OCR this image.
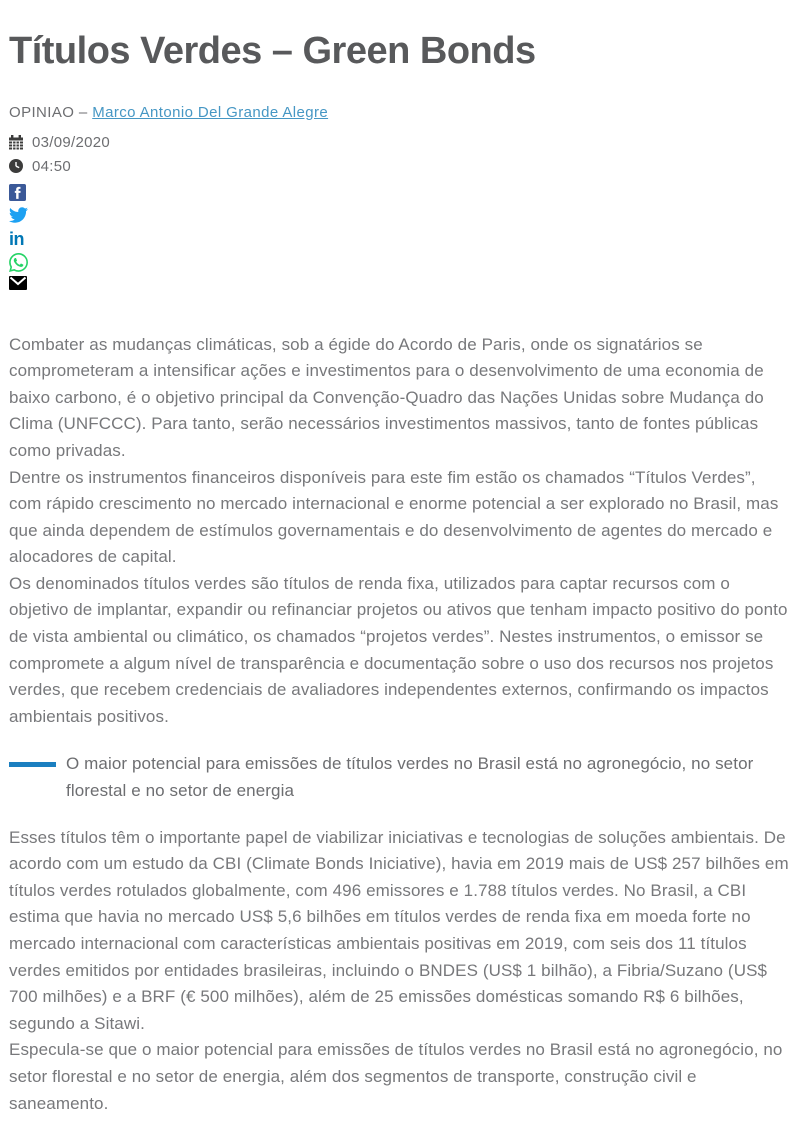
Títulos Verdes – Green Bonds
OPINIAO – Marco Antonio Del Grande Alegre
03/09/2020
04:50
in

Combater as mudanças climáticas, sob a égide do Acordo de Paris, onde os signatários se comprometeram a intensificar ações e investimentos para o desenvolvimento de uma economia de baixo carbono, é o objetivo principal da Convenção-Quadro das Nações Unidas sobre Mudança do Clima (UNFCCC). Para tanto, serão necessários investimentos massivos, tanto de fontes públicas como privadas.

Dentre os instrumentos financeiros disponíveis para este fim estão os chamados “Títulos Verdes”, com rápido crescimento no mercado internacional e enorme potencial a ser explorado no Brasil, mas que ainda dependem de estímulos governamentais e do desenvolvimento de agentes do mercado e alocadores de capital.

Os denominados títulos verdes são títulos de renda fixa, utilizados para captar recursos com o objetivo de implantar, expandir ou refinanciar projetos ou ativos que tenham impacto positivo do ponto de vista ambiental ou climático, os chamados “projetos verdes”. Nestes instrumentos, o emissor se compromete a algum nível de transparência e documentação sobre o uso dos recursos nos projetos verdes, que recebem credenciais de avaliadores independentes externos, confirmando os impactos ambientais positivos.

O maior potencial para emissões de títulos verdes no Brasil está no agronegócio, no setor florestal e no setor de energia

Esses títulos têm o importante papel de viabilizar iniciativas e tecnologias de soluções ambientais. De acordo com um estudo da CBI (Climate Bonds Iniciative), havia em 2019 mais de US$ 257 bilhões em títulos verdes rotulados globalmente, com 496 emissores e 1.788 títulos verdes. No Brasil, a CBI estima que havia no mercado US$ 5,6 bilhões em títulos verdes de renda fixa em moeda forte no mercado internacional com características ambientais positivas em 2019, com seis dos 11 títulos verdes emitidos por entidades brasileiras, incluindo o BNDES (US$ 1 bilhão), a Fibria/Suzano (US$ 700 milhões) e a BRF (€ 500 milhões), além de 25 emissões domésticas somando R$ 6 bilhões, segundo a Sitawi.

Especula-se que o maior potencial para emissões de títulos verdes no Brasil está no agronegócio, no setor florestal e no setor de energia, além dos segmentos de transporte, construção civil e saneamento.
